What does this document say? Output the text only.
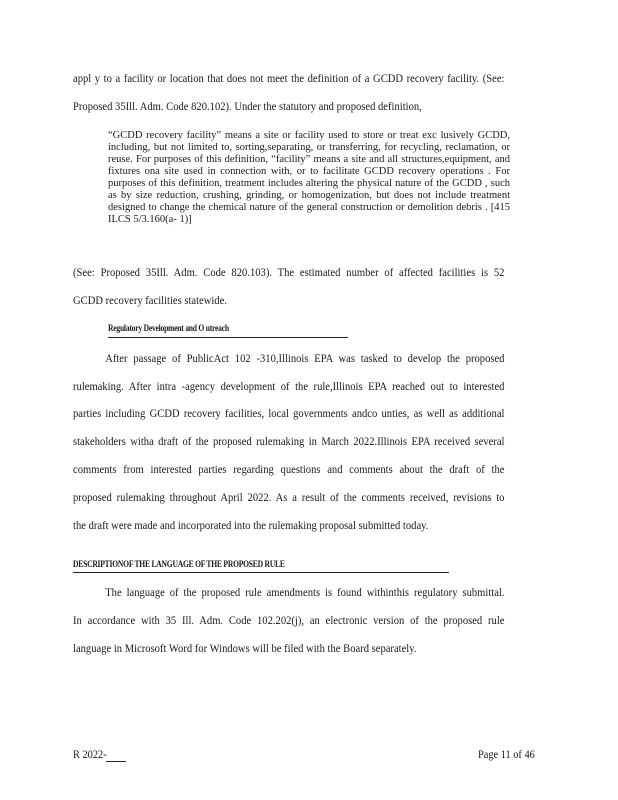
appl y to a facility or location that does not meet the definition of a GCDD recovery facility. (See:
Proposed 35Ill. Adm. Code 820.102). Under the statutory and proposed definition,
“GCDD recovery facility” means a site or facility used to store or treat exc lusively GCDD, including, but not limited to, sorting,separating, or transferring, for recycling, reclamation, or reuse. For purposes of this definition, “facility” means a site and all structures,equipment, and fixtures ona site used in connection with, or to facilitate GCDD recovery operations . For purposes of this definition, treatment includes altering the physical nature of the GCDD , such as by size reduction, crushing, grinding, or homogenization, but does not include treatment designed to change the chemical nature of the general construction or demolition debris . [415 ILCS 5/3.160(a- 1)]
(See: Proposed 35Ill. Adm. Code 820.103). The estimated number of affected facilities is 52
GCDD recovery facilities statewide.
Regulatory Development and O utreach
After passage of PublicAct 102 -310,Illinois EPA was tasked to develop the proposed
rulemaking. After intra -agency development of the rule,Illinois EPA reached out to interested
parties including GCDD recovery facilities, local governments andco unties, as well as additional
stakeholders witha draft of the proposed rulemaking in March 2022.Illinois EPA received several
comments from interested parties regarding questions and comments about the draft of the
proposed rulemaking throughout April 2022. As a result of the comments received, revisions to
the draft were made and incorporated into the rulemaking proposal submitted today.
DESCRIPTIONOF THE LANGUAGE OF THE PROPOSED RULE
The language of the proposed rule amendments is found withinthis regulatory submittal.
In accordance with 35 Ill. Adm. Code 102.202(j), an electronic version of the proposed rule
language in Microsoft Word for Windows will be filed with the Board separately.
R 2022-	Page 11 of 46
